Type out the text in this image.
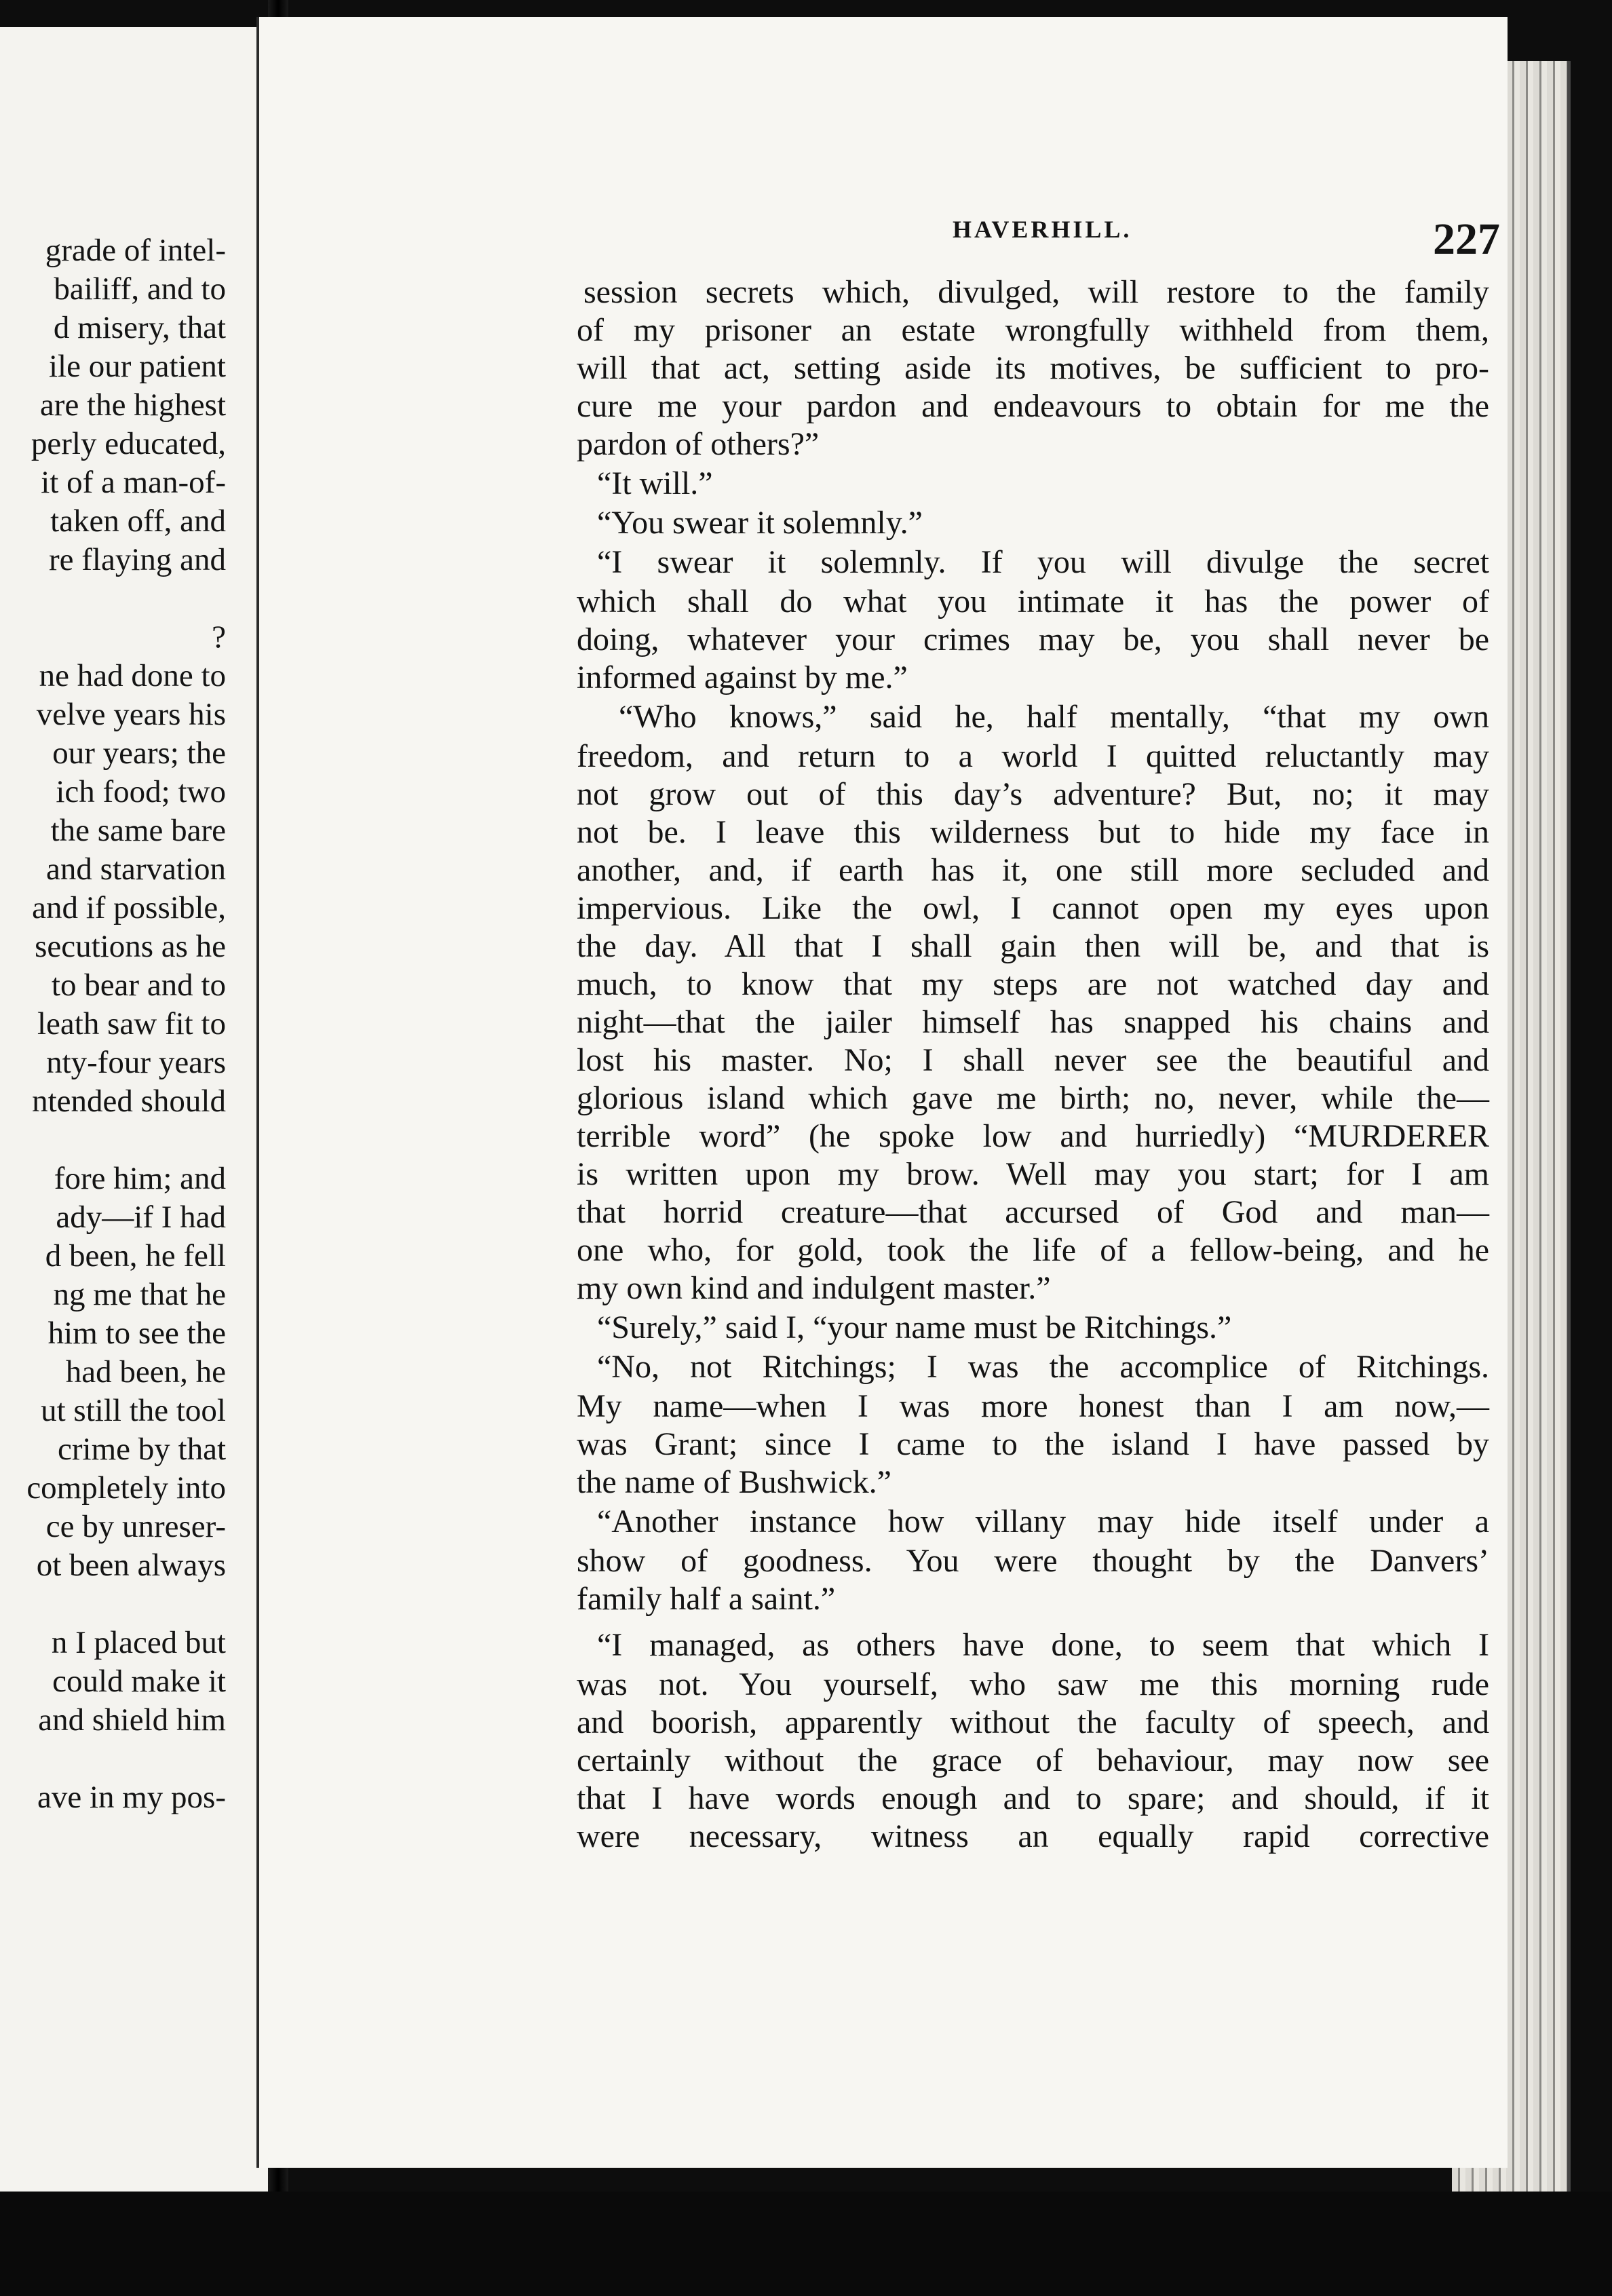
grade of intel-
bailiff, and to
d misery, that
ile our patient
are the highest
perly educated,
it of a man-of-
taken off, and
re flaying and
?
ne had done to
velve years his
our years; the
ich food; two
the same bare
and starvation
and if possible,
secutions as he
to bear and to
leath saw fit to
nty-four years
ntended should
fore him; and
ady—if I had
d been, he fell
ng me that he
him to see the
had been, he
ut still the tool
crime by that
completely into
ce by unreser-
ot been always
n I placed but
could make it
and shield him
ave in my pos-
HAVERHILL.	227
session secrets which, divulged, will restore to the family
of my prisoner an estate wrongfully withheld from them,
will that act, setting aside its motives, be sufficient to pro-
cure me your pardon and endeavours to obtain for me the
pardon of others?”
“It will.”
“You swear it solemnly.”
“I swear it solemnly. If you will divulge the secret
which shall do what you intimate it has the power of
doing, whatever your crimes may be, you shall never be
informed against by me.”
“Who knows,” said he, half mentally, “that my own
freedom, and return to a world I quitted reluctantly may
not grow out of this day’s adventure? But, no; it may
not be. I leave this wilderness but to hide my face in
another, and, if earth has it, one still more secluded and
impervious. Like the owl, I cannot open my eyes upon
the day. All that I shall gain then will be, and that is
much, to know that my steps are not watched day and
night—that the jailer himself has snapped his chains and
lost his master. No; I shall never see the beautiful and
glorious island which gave me birth; no, never, while the—
terrible word” (he spoke low and hurriedly) “MURDERER
is written upon my brow. Well may you start; for I am
that horrid creature—that accursed of God and man—
one who, for gold, took the life of a fellow-being, and he
my own kind and indulgent master.”
“Surely,” said I, “your name must be Ritchings.”
“No, not Ritchings; I was the accomplice of Ritchings.
My name—when I was more honest than I am now,—
was Grant; since I came to the island I have passed by
the name of Bushwick.”
“Another instance how villany may hide itself under a
show of goodness. You were thought by the Danvers’
family half a saint.”
“I managed, as others have done, to seem that which I
was not. You yourself, who saw me this morning rude
and boorish, apparently without the faculty of speech, and
certainly without the grace of behaviour, may now see
that I have words enough and to spare; and should, if it
were necessary, witness an equally rapid corrective
